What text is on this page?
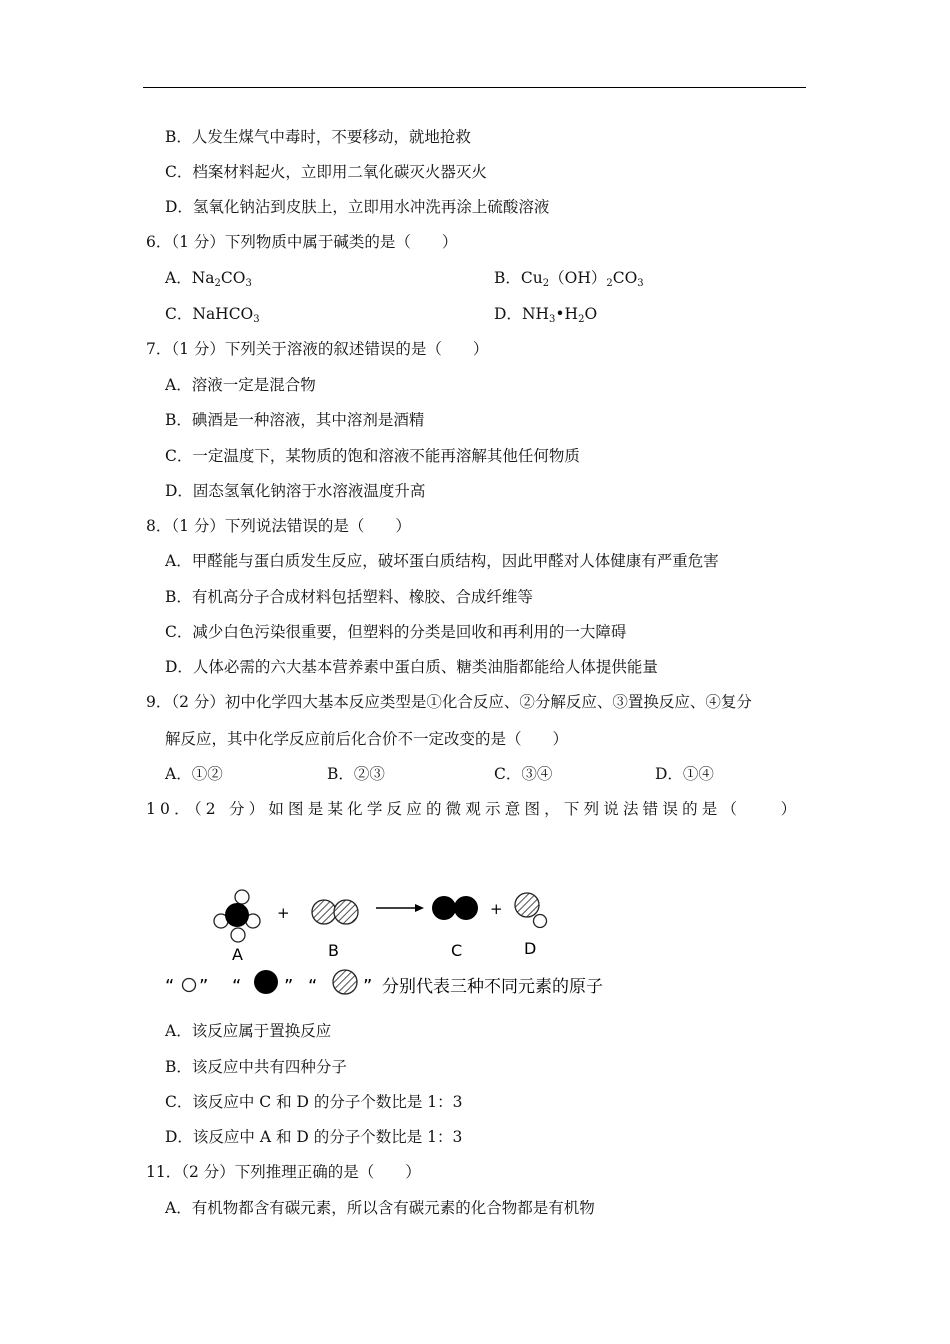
B．人发生煤气中毒时，不要移动，就地抢救
C．档案材料起火，立即用二氧化碳灭火器灭火
D．氢氧化钠沾到皮肤上，立即用水冲洗再涂上硫酸溶液
6．（1 分）下列物质中属于碱类的是（　　）
A．$Na_2CO_3$	B．$Cu_2(OH)_2CO_3$
C．NaHCO$_3$	D．$NH_3•H_2O$
7．（1 分）下列关于溶液的叙述错误的是（　　）
A．溶液一定是混合物
B．碘酒是一种溶液，其中溶剂是酒精
C．一定温度下，某物质的饱和溶液不能再溶解其他任何物质
D．固态氢氧化钠溶于水溶液温度升高
8．（1 分）下列说法错误的是（　　）
A．甲醛能与蛋白质发生反应，破坏蛋白质结构，因此甲醛对人体健康有严重危害
B．有机高分子合成材料包括塑料、橡胶、合成纤维等
C．减少白色污染很重要，但塑料的分类是回收和再利用的一大障碍
D．人体必需的六大基本营养素中蛋白质、糖类油脂都能给人体提供能量
9．（2 分）初中化学四大基本反应类型是①化合反应、②分解反应、③置换反应、④复分
解反应，其中化学反应前后化合价不一定改变的是（　　）
A．①②	B．②③	C．③④	D．①④
10．（2 分）如图是某化学反应的微观示意图，下列说法错误的是（　　）
A
+
B	C
+
D
“ ” “ ” “	” 分别代表三种不同元素的原子
A．该反应属于置换反应
B．该反应中共有四种分子
C．该反应中 C 和 D 的分子个数比是 1：3
D．该反应中 A 和 D 的分子个数比是 1：3
11．（2 分）下列推理正确的是（　　）
A．有机物都含有碳元素，所以含有碳元素的化合物都是有机物
